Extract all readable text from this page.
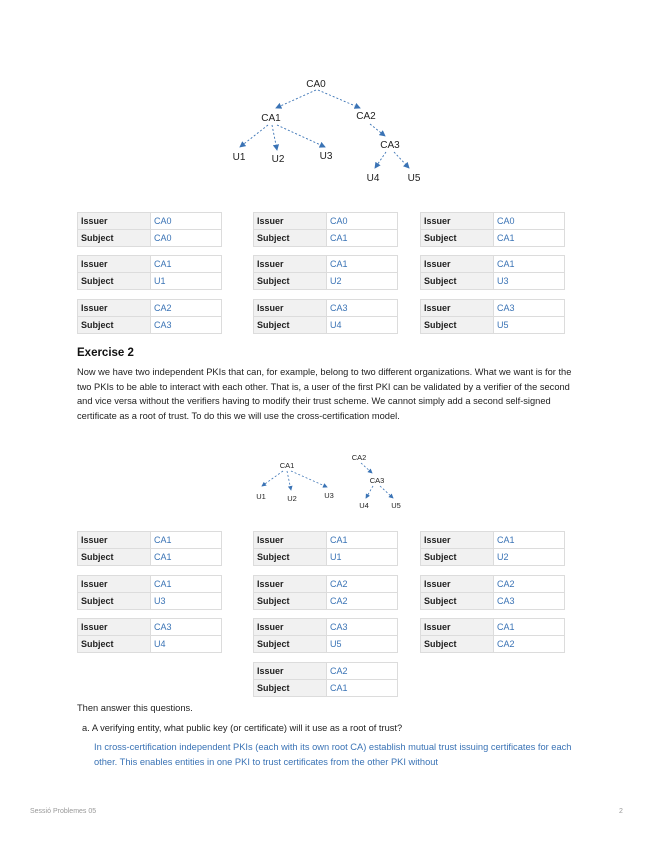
CA0
CA1	CA2
CA3
U1	U2	U3
U4	U5
Issuer	CA0
Subject	CA0
Issuer	CA0
Subject	CA1
Issuer	CA0
Subject	CA1
Issuer	CA1
Subject	U1
Issuer	CA1
Subject	U2
Issuer	CA1
Subject	U3
Issuer	CA2
Subject	CA3
Issuer	CA3
Subject	U4
Issuer	CA3
Subject	U5
Exercise 2
Now we have two independent PKIs that can, for example, belong to two different organizations. What we want is for the two PKIs to be able to interact with each other. That is, a user of the first PKI can be validated by a verifier of the second and vice versa without the verifiers having to modify their trust scheme. We cannot simply add a second self-signed certificate as a root of trust. To do this we will use the cross-certification model.
CA1
U1	U2	U3
CA2
CA3
U4	U5
Issuer	CA1
Subject	CA1
Issuer	CA1
Subject	U1
Issuer	CA1
Subject	U2
Issuer	CA1
Subject	U3
Issuer	CA2
Subject	CA2
Issuer	CA2
Subject	CA3
Issuer	CA3
Subject	U4
Issuer	CA3
Subject	U5
Issuer	CA1
Subject	CA2
Issuer	CA2
Subject	CA1
Then answer this questions.
a. A verifying entity, what public key (or certificate) will it use as a root of trust?
In cross-certification independent PKIs (each with its own root CA) establish mutual trust issuing certificates for each other. This enables entities in one PKI to trust certificates from the other PKI without
Sessió Problemes 05	2
